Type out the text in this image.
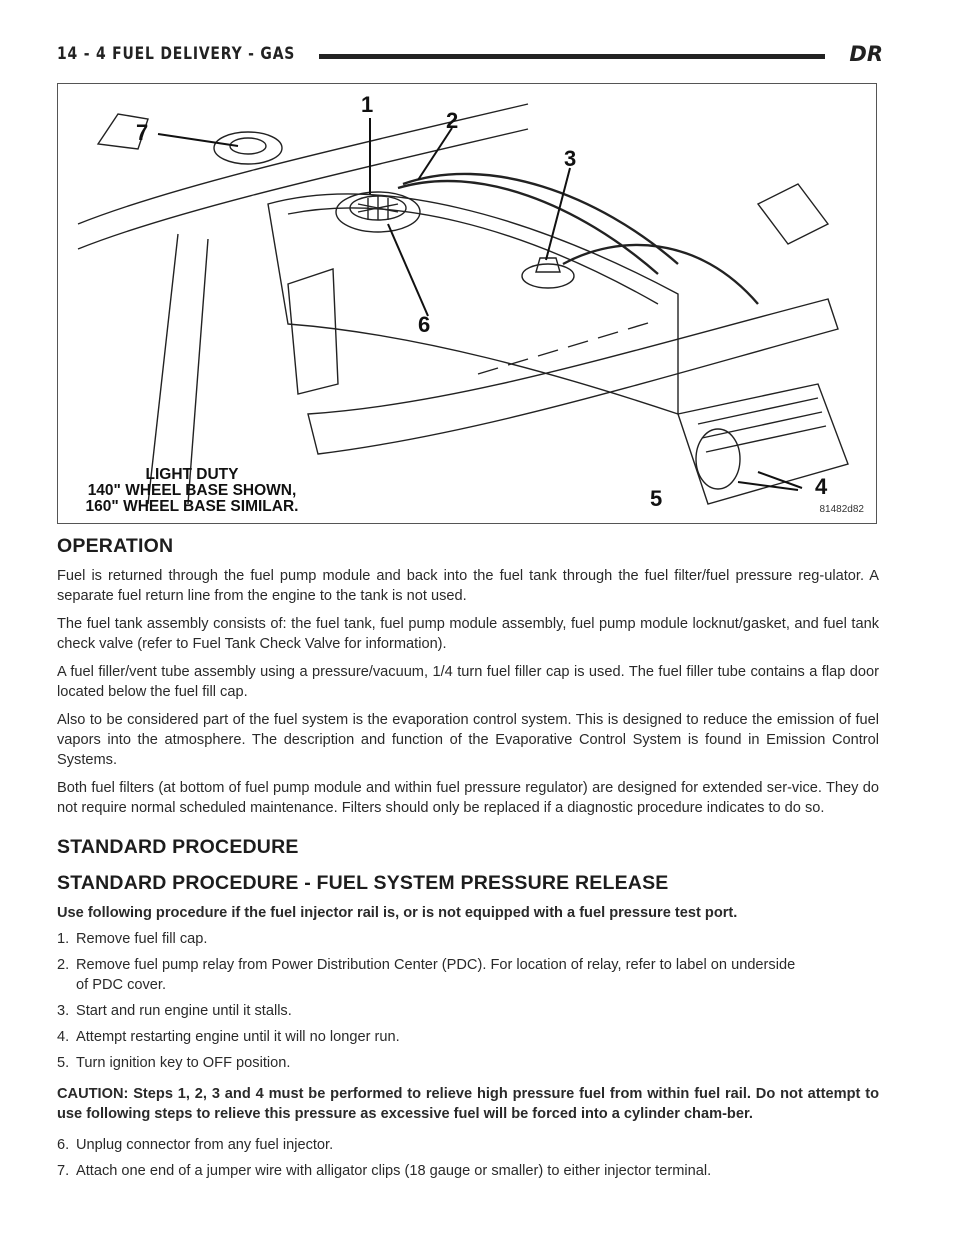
14 - 4 FUEL DELIVERY - GAS	DR
1
2
3
4
5
6
7
LIGHT DUTY
140" WHEEL BASE SHOWN,
160" WHEEL BASE SIMILAR.	81482d82
OPERATION

Fuel is returned through the fuel pump module and back into the fuel tank through the fuel filter/fuel pressure reg-ulator. A separate fuel return line from the engine to the tank is not used.

The fuel tank assembly consists of: the fuel tank, fuel pump module assembly, fuel pump module locknut/gasket, and fuel tank check valve (refer to Fuel Tank Check Valve for information).

A fuel filler/vent tube assembly using a pressure/vacuum, 1/4 turn fuel filler cap is used. The fuel filler tube contains a flap door located below the fuel fill cap.

Also to be considered part of the fuel system is the evaporation control system. This is designed to reduce the emission of fuel vapors into the atmosphere. The description and function of the Evaporative Control System is found in Emission Control Systems.

Both fuel filters (at bottom of fuel pump module and within fuel pressure regulator) are designed for extended ser-vice. They do not require normal scheduled maintenance. Filters should only be replaced if a diagnostic procedure indicates to do so.

STANDARD PROCEDURE
STANDARD PROCEDURE - FUEL SYSTEM PRESSURE RELEASE

Use following procedure if the fuel injector rail is, or is not equipped with a fuel pressure test port.

1. Remove fuel fill cap.
2. Remove fuel pump relay from Power Distribution Center (PDC). For location of relay, refer to label on underside
of PDC cover.
3. Start and run engine until it stalls.
4. Attempt restarting engine until it will no longer run.
5. Turn ignition key to OFF position.

CAUTION: Steps 1, 2, 3 and 4 must be performed to relieve high pressure fuel from within fuel rail. Do not attempt to use following steps to relieve this pressure as excessive fuel will be forced into a cylinder cham-ber.

6. Unplug connector from any fuel injector.
7. Attach one end of a jumper wire with alligator clips (18 gauge or smaller) to either injector terminal.
